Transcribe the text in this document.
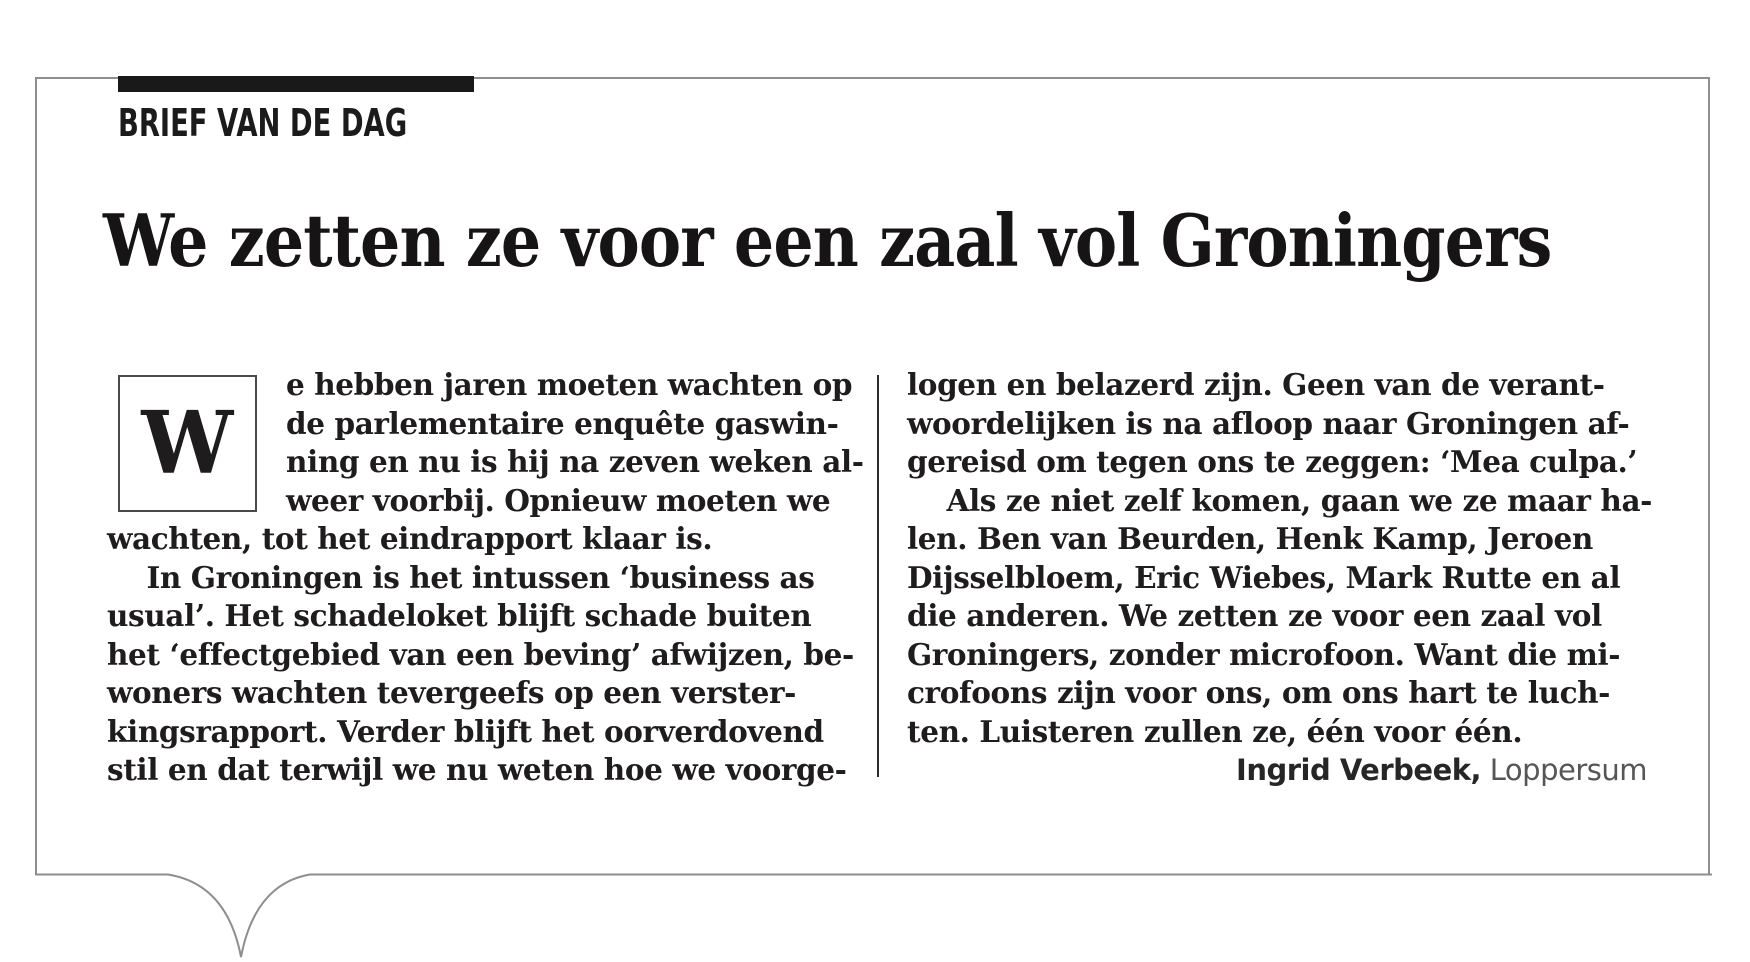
BRIEF VAN DE DAG
We zetten ze voor een zaal vol Groningers
W
e hebben jaren moeten wachten op
de parlementaire enquête gaswin-
ning en nu is hij na zeven weken al-
weer voorbij. Opnieuw moeten we
wachten, tot het eindrapport klaar is.
In Groningen is het intussen ‘business as
usual’. Het schadeloket blijft schade buiten
het ‘effectgebied van een beving’ afwijzen, be-
woners wachten tevergeefs op een verster-
kingsrapport. Verder blijft het oorverdovend
stil en dat terwijl we nu weten hoe we voorge-
logen en belazerd zijn. Geen van de verant-
woordelijken is na afloop naar Groningen af-
gereisd om tegen ons te zeggen: ‘Mea culpa.’
Als ze niet zelf komen, gaan we ze maar ha-
len. Ben van Beurden, Henk Kamp, Jeroen
Dijsselbloem, Eric Wiebes, Mark Rutte en al
die anderen. We zetten ze voor een zaal vol
Groningers, zonder microfoon. Want die mi-
crofoons zijn voor ons, om ons hart te luch-
ten. Luisteren zullen ze, één voor één.
Ingrid Verbeek, Loppersum
